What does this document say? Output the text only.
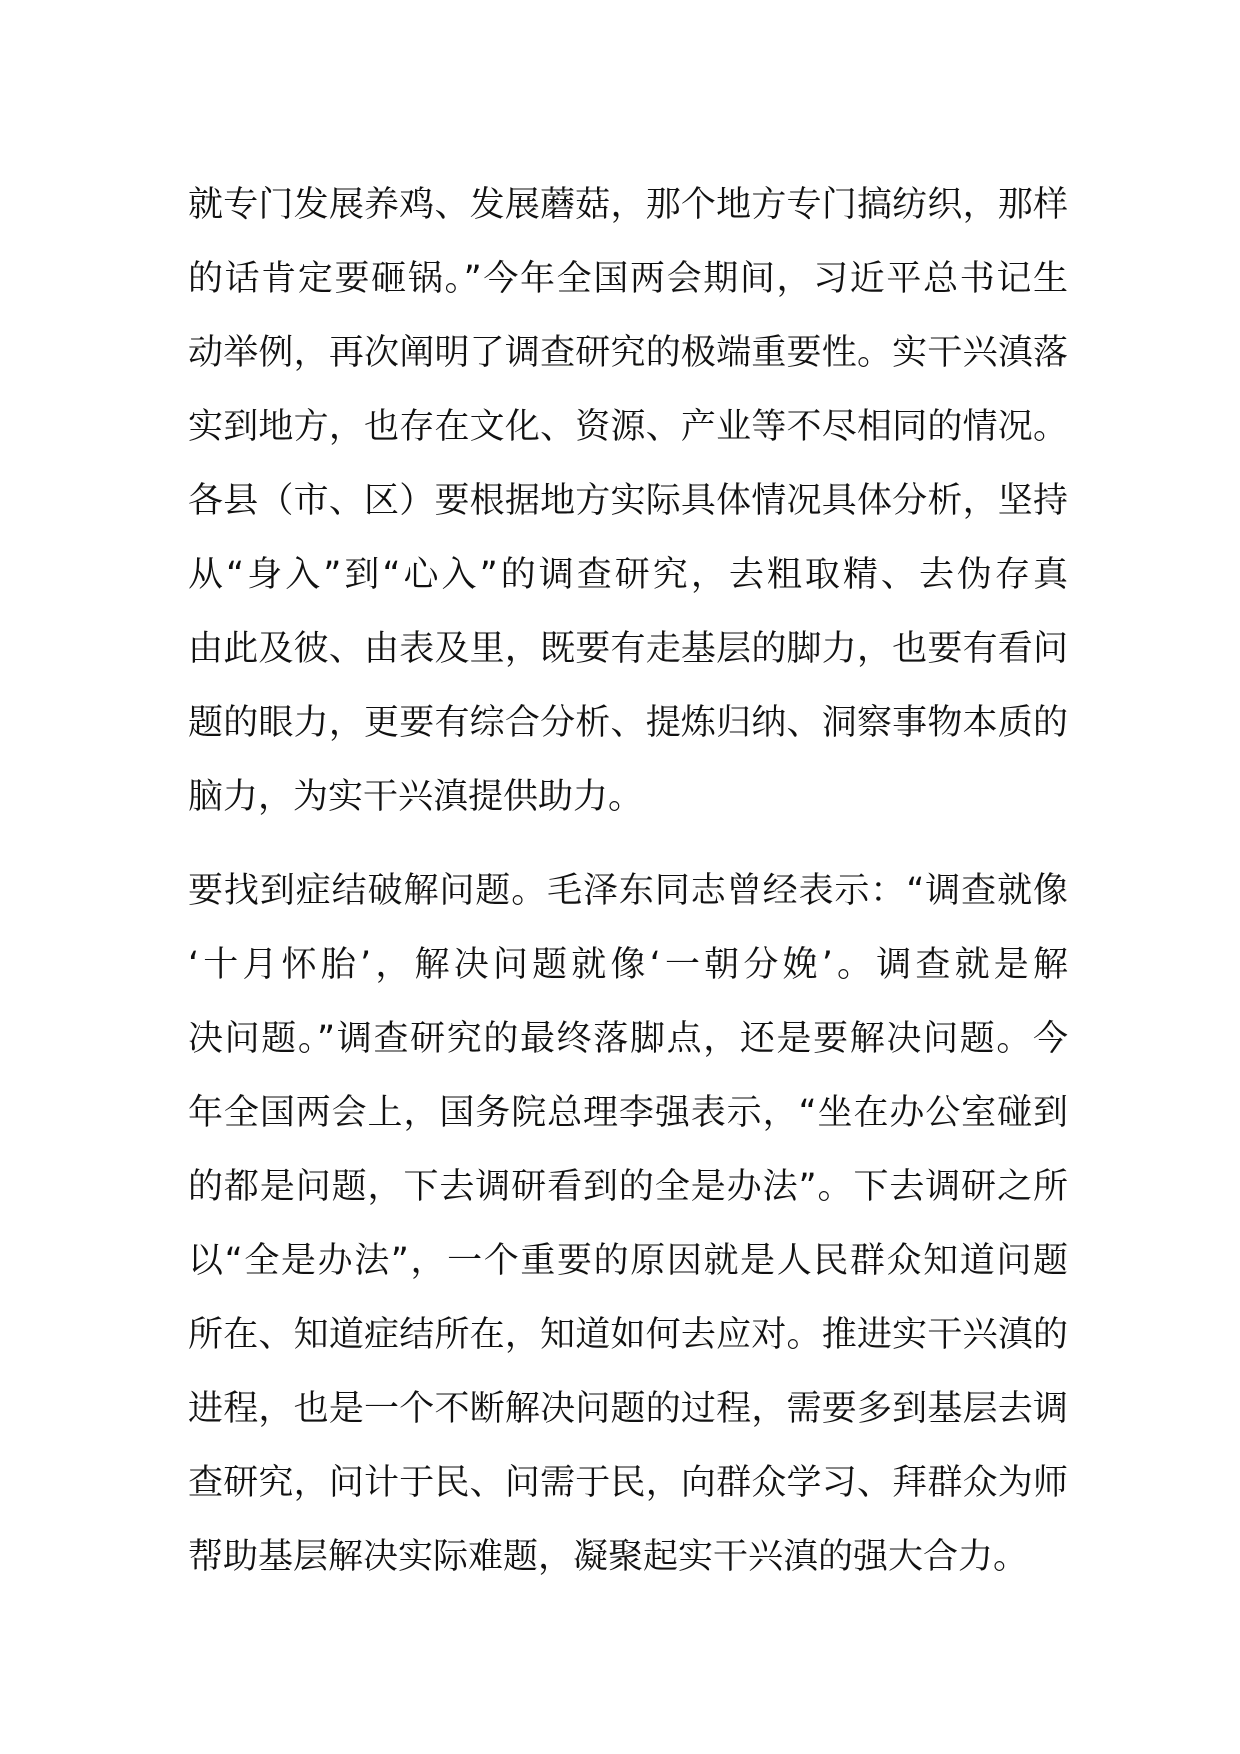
就专门发展养鸡、发展蘑菇，那个地方专门搞纺织，那样
的话肯定要砸锅。”今年全国两会期间，习近平总书记生
动举例，再次阐明了调查研究的极端重要性。实干兴滇落
实到地方，也存在文化、资源、产业等不尽相同的情况。
各县（市、区）要根据地方实际具体情况具体分析，坚持
从“身入”到“心入”的调查研究，去粗取精、去伪存真
由此及彼、由表及里，既要有走基层的脚力，也要有看问
题的眼力，更要有综合分析、提炼归纳、洞察事物本质的
脑力，为实干兴滇提供助力。

要找到症结破解问题。毛泽东同志曾经表示：“调查就像
‘十月怀胎’，解决问题就像‘一朝分娩’。调查就是解
决问题。”调查研究的最终落脚点，还是要解决问题。今
年全国两会上，国务院总理李强表示，“坐在办公室碰到
的都是问题，下去调研看到的全是办法”。下去调研之所
以“全是办法”，一个重要的原因就是人民群众知道问题
所在、知道症结所在，知道如何去应对。推进实干兴滇的
进程，也是一个不断解决问题的过程，需要多到基层去调
查研究，问计于民、问需于民，向群众学习、拜群众为师
帮助基层解决实际难题，凝聚起实干兴滇的强大合力。
